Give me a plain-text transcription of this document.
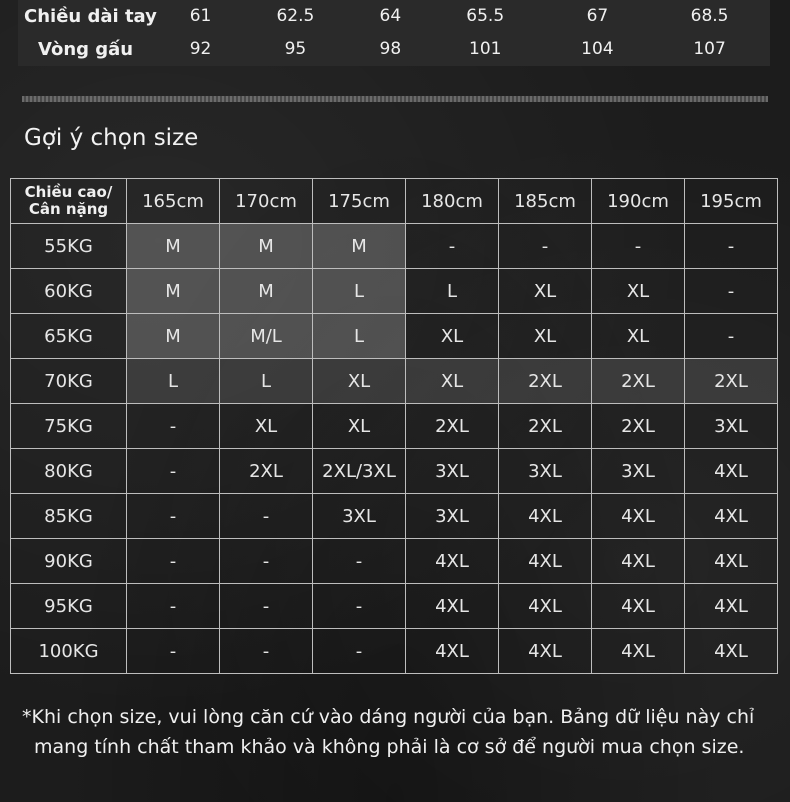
Chiều dài tay	61	62.5	64	65.5	67	68.5
Vòng gấu	92	95	98	101	104	107
Gợi ý chọn size
Chiều cao/
Cân nặng	165cm	170cm	175cm	180cm	185cm	190cm	195cm
55KG	M	M	M	-	-	-	-
60KG	M	M	L	L	XL	XL	-
65KG	M	M/L	L	XL	XL	XL	-
70KG	L	L	XL	XL	2XL	2XL	2XL
75KG	-	XL	XL	2XL	2XL	2XL	3XL
80KG	-	2XL	2XL/3XL	3XL	3XL	3XL	4XL
85KG	-	-	3XL	3XL	4XL	4XL	4XL
90KG	-	-	-	4XL	4XL	4XL	4XL
95KG	-	-	-	4XL	4XL	4XL	4XL
100KG	-	-	-	4XL	4XL	4XL	4XL
*Khi chọn size, vui lòng căn cứ vào dáng người của bạn. Bảng dữ liệu này chỉ
mang tính chất tham khảo và không phải là cơ sở để người mua chọn size.
